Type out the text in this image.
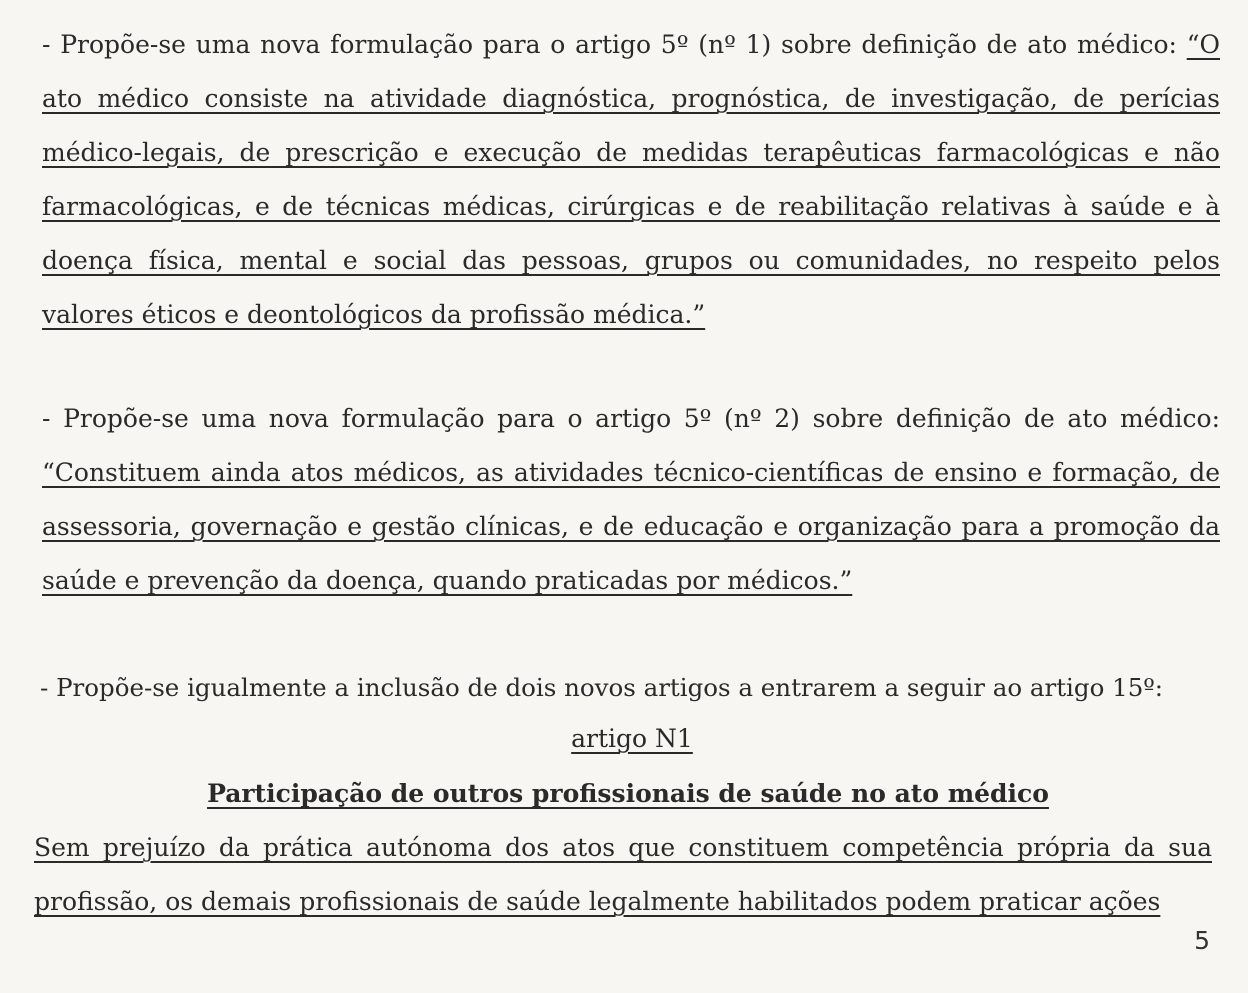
- Propõe-se uma nova formulação para o artigo 5º (nº 1) sobre definição de ato médico: “O ato médico consiste na atividade diagnóstica, prognóstica, de investigação, de perícias médico-legais, de prescrição e execução de medidas terapêuticas farmacológicas e não farmacológicas, e de técnicas médicas, cirúrgicas e de reabilitação relativas à saúde e à doença física, mental e social das pessoas, grupos ou comunidades, no respeito pelos valores éticos e deontológicos da profissão médica.”

- Propõe-se uma nova formulação para o artigo 5º (nº 2) sobre definição de ato médico: “Constituem ainda atos médicos, as atividades técnico-científicas de ensino e formação, de assessoria, governação e gestão clínicas, e de educação e organização para a promoção da saúde e prevenção da doença, quando praticadas por médicos.”

- Propõe-se igualmente a inclusão de dois novos artigos a entrarem a seguir ao artigo 15º:

artigo N1

Participação de outros profissionais de saúde no ato médico

Sem prejuízo da prática autónoma dos atos que constituem competência própria da sua profissão, os demais profissionais de saúde legalmente habilitados podem praticar ações

5
